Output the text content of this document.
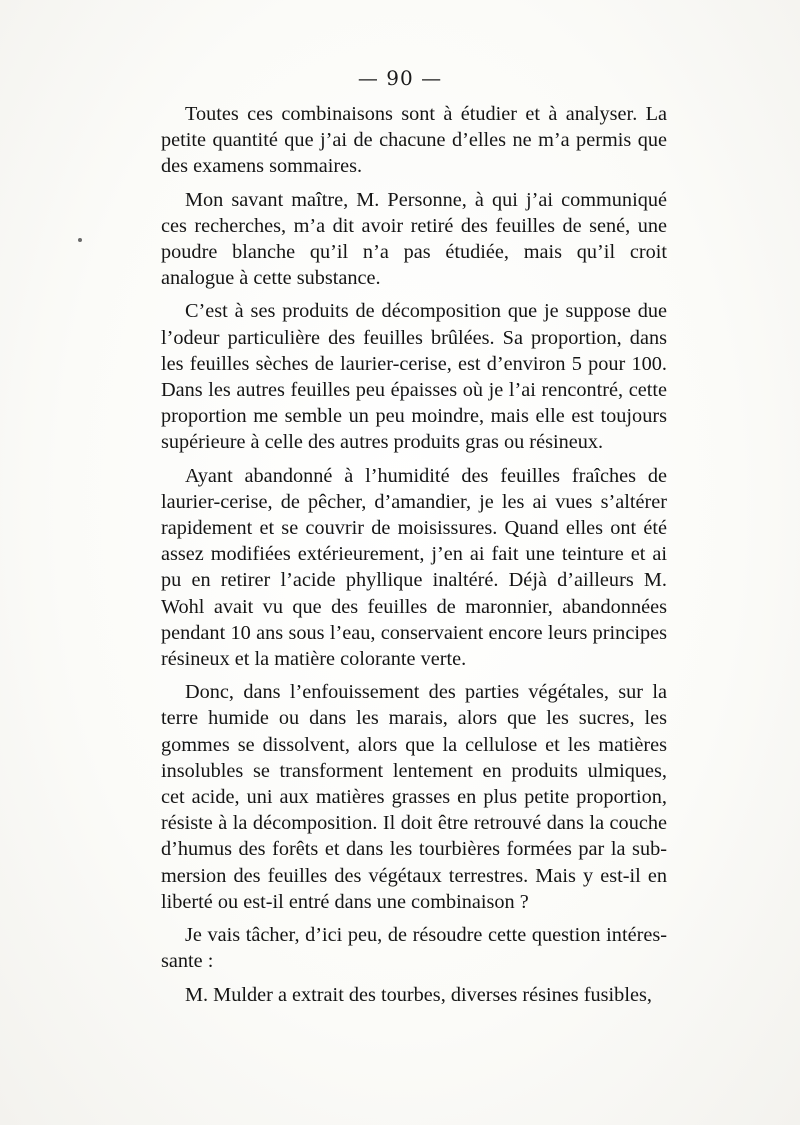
— 90 —

Toutes ces combinaisons sont à étudier et à analyser. La petite quantité que j’ai de chacune d’elles ne m’a permis que des examens sommaires.

Mon savant maître, M. Personne, à qui j’ai communiqué ces recherches, m’a dit avoir retiré des feuilles de sené, une poudre blanche qu’il n’a pas étudiée, mais qu’il croit analogue à cette substance.

C’est à ses produits de décomposition que je suppose due l’odeur particulière des feuilles brûlées. Sa proportion, dans les feuilles sèches de laurier-cerise, est d’environ 5 pour 100. Dans les autres feuilles peu épaisses où je l’ai rencontré, cette proportion me semble un peu moindre, mais elle est toujours supérieure à celle des autres produits gras ou résineux.

Ayant abandonné à l’humidité des feuilles fraîches de laurier-cerise, de pêcher, d’amandier, je les ai vues s’altérer rapidement et se couvrir de moisissures. Quand elles ont été assez modifiées extérieurement, j’en ai fait une teinture et ai pu en retirer l’acide phyllique inaltéré. Déjà d’ailleurs M. Wohl avait vu que des feuilles de maronnier, abandonnées pendant 10 ans sous l’eau, conservaient encore leurs principes résineux et la matière colorante verte.

Donc, dans l’enfouissement des parties végétales, sur la terre humide ou dans les marais, alors que les sucres, les gommes se dissolvent, alors que la cellulose et les matières insolubles se transforment lentement en produits ulmiques, cet acide, uni aux matières grasses en plus petite proportion, résiste à la décomposition. Il doit être retrouvé dans la couche d’humus des forêts et dans les tourbières formées par la submersion des feuilles des végétaux terrestres. Mais y est-il en liberté ou est-il entré dans une combinaison ?

Je vais tâcher, d’ici peu, de résoudre cette question intéressante :

M. Mulder a extrait des tourbes, diverses résines fusibles,
